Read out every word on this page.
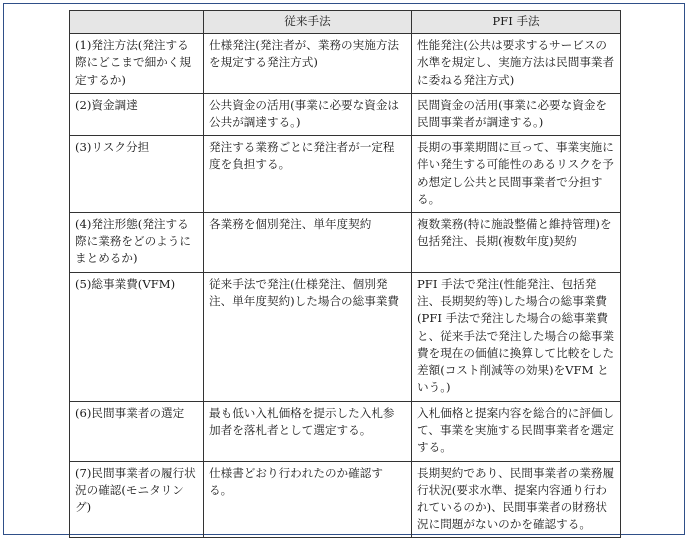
	従来手法	PFI 手法
(1)発注方法(発注する際にどこまで細かく規定するか)	仕様発注(発注者が、業務の実施方法を規定する発注方式)	性能発注(公共は要求するサービスの水準を規定し、実施方法は民間事業者に委ねる発注方式)
(2)資金調達	公共資金の活用(事業に必要な資金は公共が調達する。)	民間資金の活用(事業に必要な資金を民間事業者が調達する。)
(3)リスク分担	発注する業務ごとに発注者が一定程度を負担する。	長期の事業期間に亘って、事業実施に伴い発生する可能性のあるリスクを予め想定し公共と民間事業者で分担する。
(4)発注形態(発注する際に業務をどのようにまとめるか)	各業務を個別発注、単年度契約	複数業務(特に施設整備と維持管理)を包括発注、長期(複数年度)契約
(5)総事業費(VFM)	従来手法で発注(仕様発注、個別発注、単年度契約)した場合の総事業費	PFI 手法で発注(性能発注、包括発注、長期契約等)した場合の総事業費(PFI 手法で発注した場合の総事業費と、従来手法で発注した場合の総事業費を現在の価値に換算して比較をした差額(コスト削減等の効果)をVFM という。)
(6)民間事業者の選定	最も低い入札価格を提示した入札参加者を落札者として選定する。	入札価格と提案内容を総合的に評価して、事業を実施する民間事業者を選定する。
(7)民間事業者の履行状況の確認(モニタリング)	仕様書どおり行われたのか確認する。	長期契約であり、民間事業者の業務履行状況(要求水準、提案内容通り行われているのか)、民間事業者の財務状況に問題がないのかを確認する。
